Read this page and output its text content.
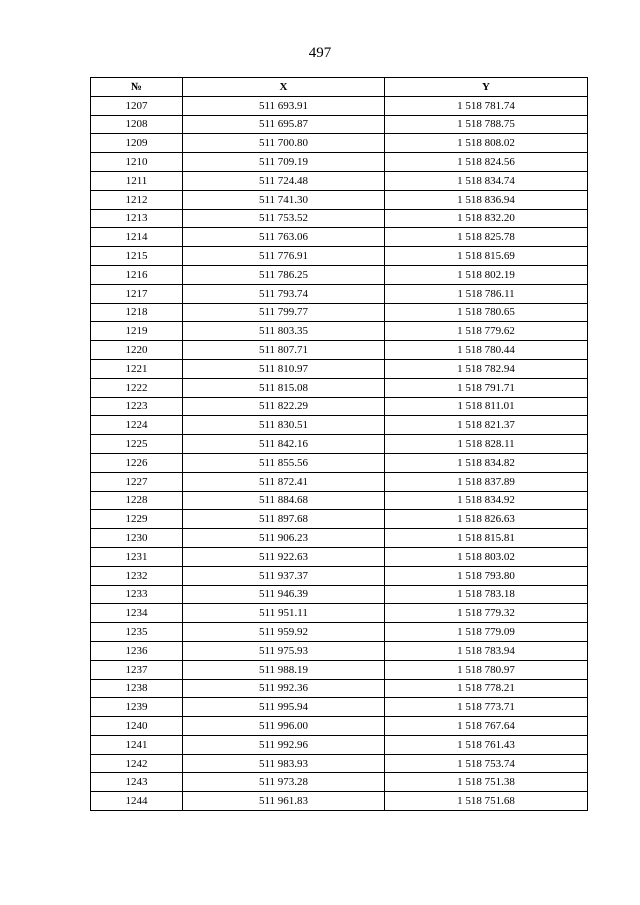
497
№	X	Y
1207	511 693.91	1 518 781.74
1208	511 695.87	1 518 788.75
1209	511 700.80	1 518 808.02
1210	511 709.19	1 518 824.56
1211	511 724.48	1 518 834.74
1212	511 741.30	1 518 836.94
1213	511 753.52	1 518 832.20
1214	511 763.06	1 518 825.78
1215	511 776.91	1 518 815.69
1216	511 786.25	1 518 802.19
1217	511 793.74	1 518 786.11
1218	511 799.77	1 518 780.65
1219	511 803.35	1 518 779.62
1220	511 807.71	1 518 780.44
1221	511 810.97	1 518 782.94
1222	511 815.08	1 518 791.71
1223	511 822.29	1 518 811.01
1224	511 830.51	1 518 821.37
1225	511 842.16	1 518 828.11
1226	511 855.56	1 518 834.82
1227	511 872.41	1 518 837.89
1228	511 884.68	1 518 834.92
1229	511 897.68	1 518 826.63
1230	511 906.23	1 518 815.81
1231	511 922.63	1 518 803.02
1232	511 937.37	1 518 793.80
1233	511 946.39	1 518 783.18
1234	511 951.11	1 518 779.32
1235	511 959.92	1 518 779.09
1236	511 975.93	1 518 783.94
1237	511 988.19	1 518 780.97
1238	511 992.36	1 518 778.21
1239	511 995.94	1 518 773.71
1240	511 996.00	1 518 767.64
1241	511 992.96	1 518 761.43
1242	511 983.93	1 518 753.74
1243	511 973.28	1 518 751.38
1244	511 961.83	1 518 751.68
